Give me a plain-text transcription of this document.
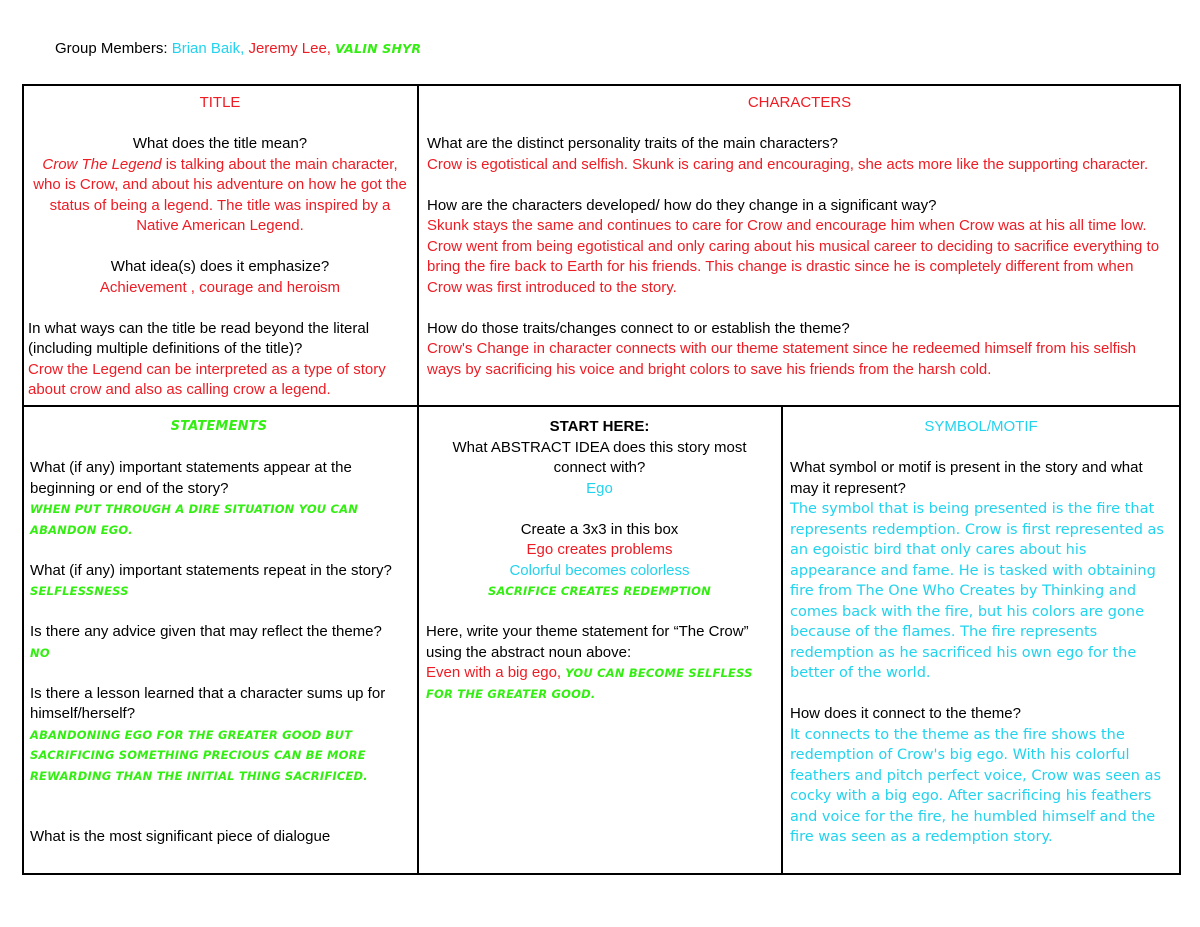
Group Members: Brian Baik, Jeremy Lee, VALIN SHYR

TITLE

What does the title mean?

Crow The Legend is talking about the main character, who is Crow, and about his adventure on how he got the status of being a legend. The title was inspired by a Native American Legend.

What idea(s) does it emphasize?

Achievement , courage and heroism

In what ways can the title be read beyond the literal (including multiple definitions of the title)?

Crow the Legend can be interpreted as a type of story about crow and also as calling crow a legend.

CHARACTERS

What are the distinct personality traits of the main characters?

Crow is egotistical and selfish. Skunk is caring and encouraging, she acts more like the supporting character.

How are the characters developed/ how do they change in a significant way?

Skunk stays the same and continues to care for Crow and encourage him when Crow was at his all time low. Crow went from being egotistical and only caring about his musical career to deciding to sacrifice everything to bring the fire back to Earth for his friends. This change is drastic since he is completely different from when Crow was first introduced to the story.

How do those traits/changes connect to or establish the theme?

Crow's Change in character connects with our theme statement since he redeemed himself from his selfish ways by sacrificing his voice and bright colors to save his friends from the harsh cold.

STATEMENTS

What (if any) important statements appear at the beginning or end of the story?

WHEN PUT THROUGH A DIRE SITUATION YOU CAN ABANDON EGO.

What (if any) important statements repeat in the story?

SELFLESSNESS

Is there any advice given that may reflect the theme?

NO

Is there a lesson learned that a character sums up for himself/herself?

ABANDONING EGO FOR THE GREATER GOOD BUT SACRIFICING SOMETHING PRECIOUS CAN BE MORE REWARDING THAN THE INITIAL THING SACRIFICED.

What is the most significant piece of dialogue

START HERE:

What ABSTRACT IDEA does this story most connect with?

Ego

Create a 3x3 in this box

Ego creates problems

Colorful becomes colorless

SACRIFICE CREATES REDEMPTION

Here, write your theme statement for “The Crow” using the abstract noun above:

Even with a big ego, YOU CAN BECOME SELFLESS FOR THE GREATER GOOD.

SYMBOL/MOTIF

What symbol or motif is present in the story and what may it represent?

The symbol that is being presented is the fire that represents redemption. Crow is first represented as an egoistic bird that only cares about his appearance and fame. He is tasked with obtaining fire from The One Who Creates by Thinking and comes back with the fire, but his colors are gone because of the flames. The fire represents redemption as he sacrificed his own ego for the better of the world.

How does it connect to the theme?

It connects to the theme as the fire shows the redemption of Crow's big ego. With his colorful feathers and pitch perfect voice, Crow was seen as cocky with a big ego. After sacrificing his feathers and voice for the fire, he humbled himself and the fire was seen as a redemption story.
